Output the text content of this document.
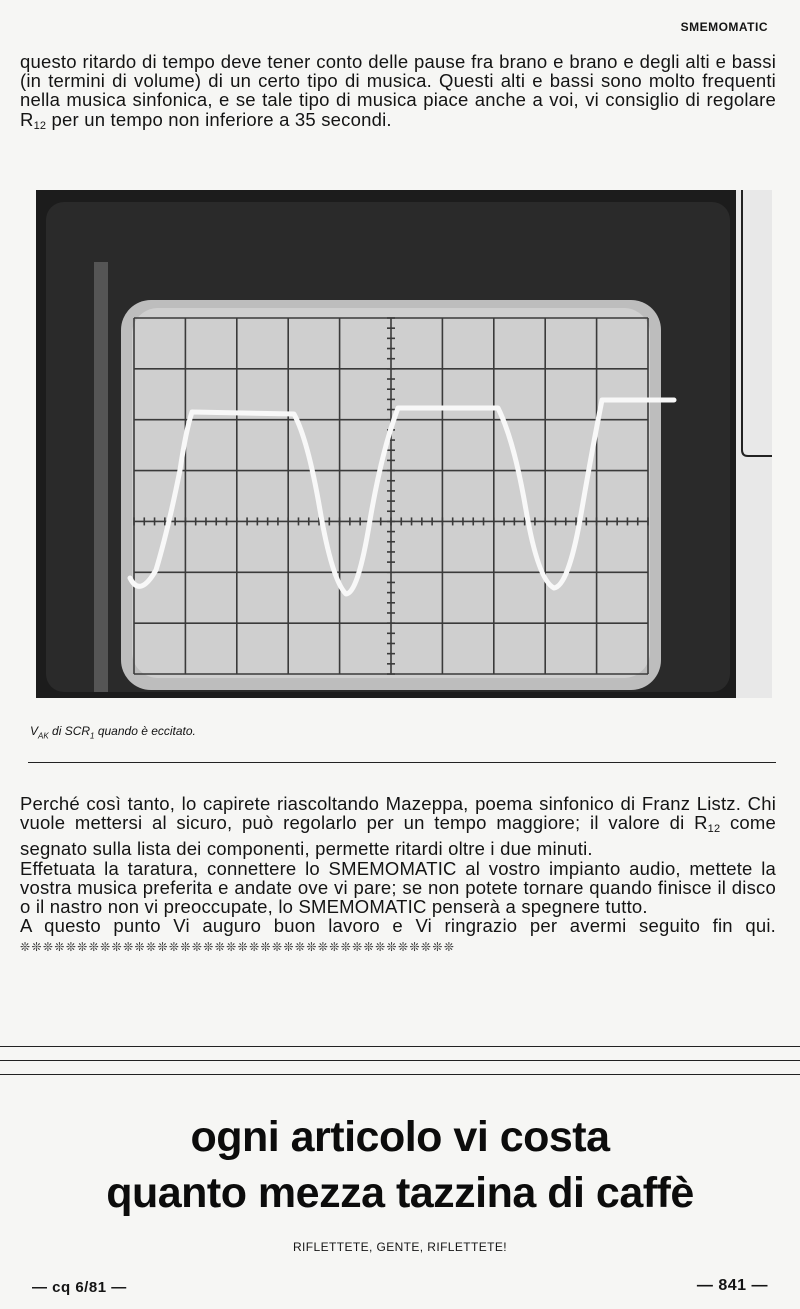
SMEMOMATIC

questo ritardo di tempo deve tener conto delle pause fra brano e brano e degli alti e bassi (in termini di volume) di un certo tipo di musica. Questi alti e bassi sono molto frequenti nella musica sinfonica, e se tale tipo di musica piace anche a voi, vi consiglio di regolare $R_{12}$ per un tempo non inferiore a 35 secondi.

$V_{AK}$ di $SCR_1$ quando è eccitato.

Perché così tanto, lo capirete riascoltando Mazeppa, poema sinfonico di Franz Listz. Chi vuole mettersi al sicuro, può regolarlo per un tempo maggiore; il valore di $R_{12}$ come segnato sulla lista dei componenti, permette ritardi oltre i due minuti.

Effetuata la taratura, connettere lo SMEMOMATIC al vostro impianto audio, mettete la vostra musica preferita e andate ove vi pare; se non potete tornare quando finisce il disco o il nastro non vi preoccupate, lo SMEMOMATIC penserà a spegnere tutto.

A questo punto Vi auguro buon lavoro e Vi ringrazio per avermi seguito fin qui. ❊❊❊❊❊❊❊❊❊❊❊❊❊❊❊❊❊❊❊❊❊❊❊❊❊❊❊❊❊❊❊❊❊❊❊❊❊❊

ogni articolo vi costa
quanto mezza tazzina di caffè
RIFLETTETE, GENTE, RIFLETTETE!
— cq 6/81 —	— 841 —
